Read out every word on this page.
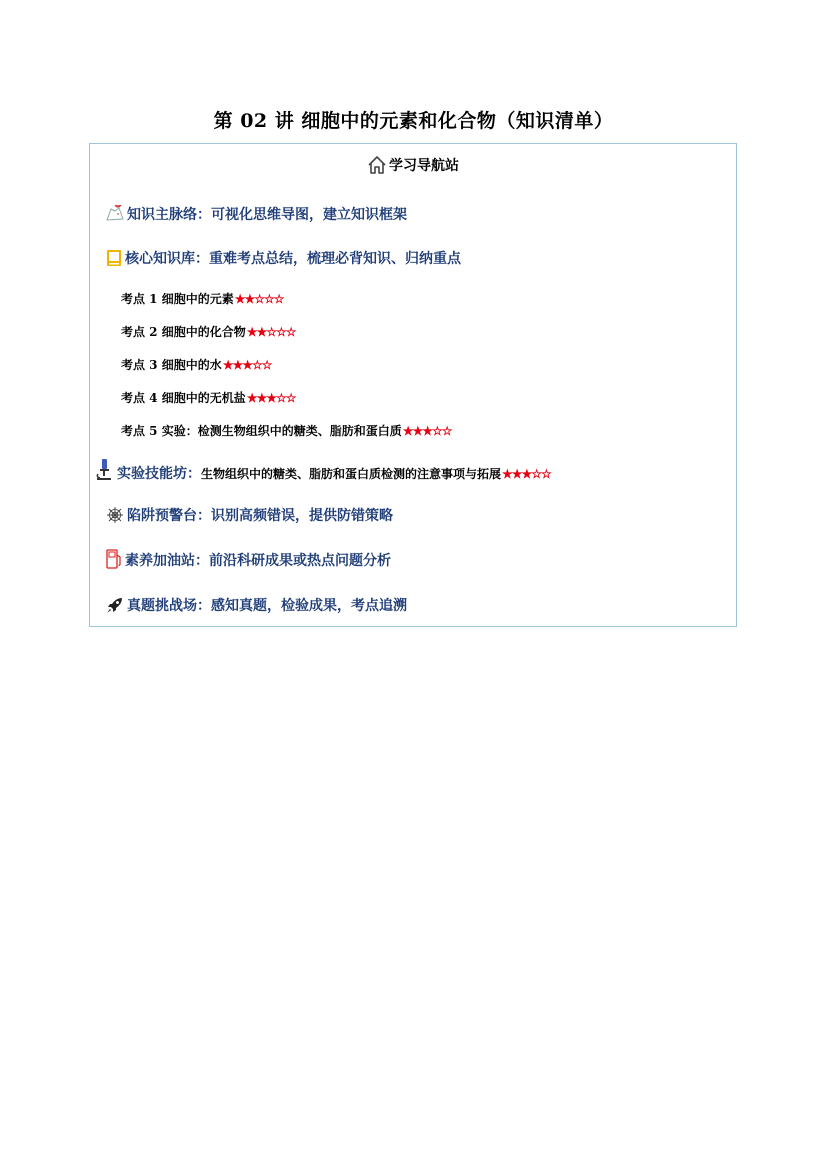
第 02 讲 细胞中的元素和化合物（知识清单）
学习导航站
知识主脉络：可视化思维导图，建立知识框架
核心知识库：重难考点总结，梳理必背知识、归纳重点
考点 1 细胞中的元素★★☆☆☆
考点 2 细胞中的化合物★★☆☆☆
考点 3 细胞中的水★★★☆☆
考点 4 细胞中的无机盐★★★☆☆
考点 5 实验：检测生物组织中的糖类、脂肪和蛋白质★★★☆☆
实验技能坊：生物组织中的糖类、脂肪和蛋白质检测的注意事项与拓展★★★☆☆
陷阱预警台：识别高频错误，提供防错策略
素养加油站：前沿科研成果或热点问题分析
真题挑战场：感知真题，检验成果，考点追溯
